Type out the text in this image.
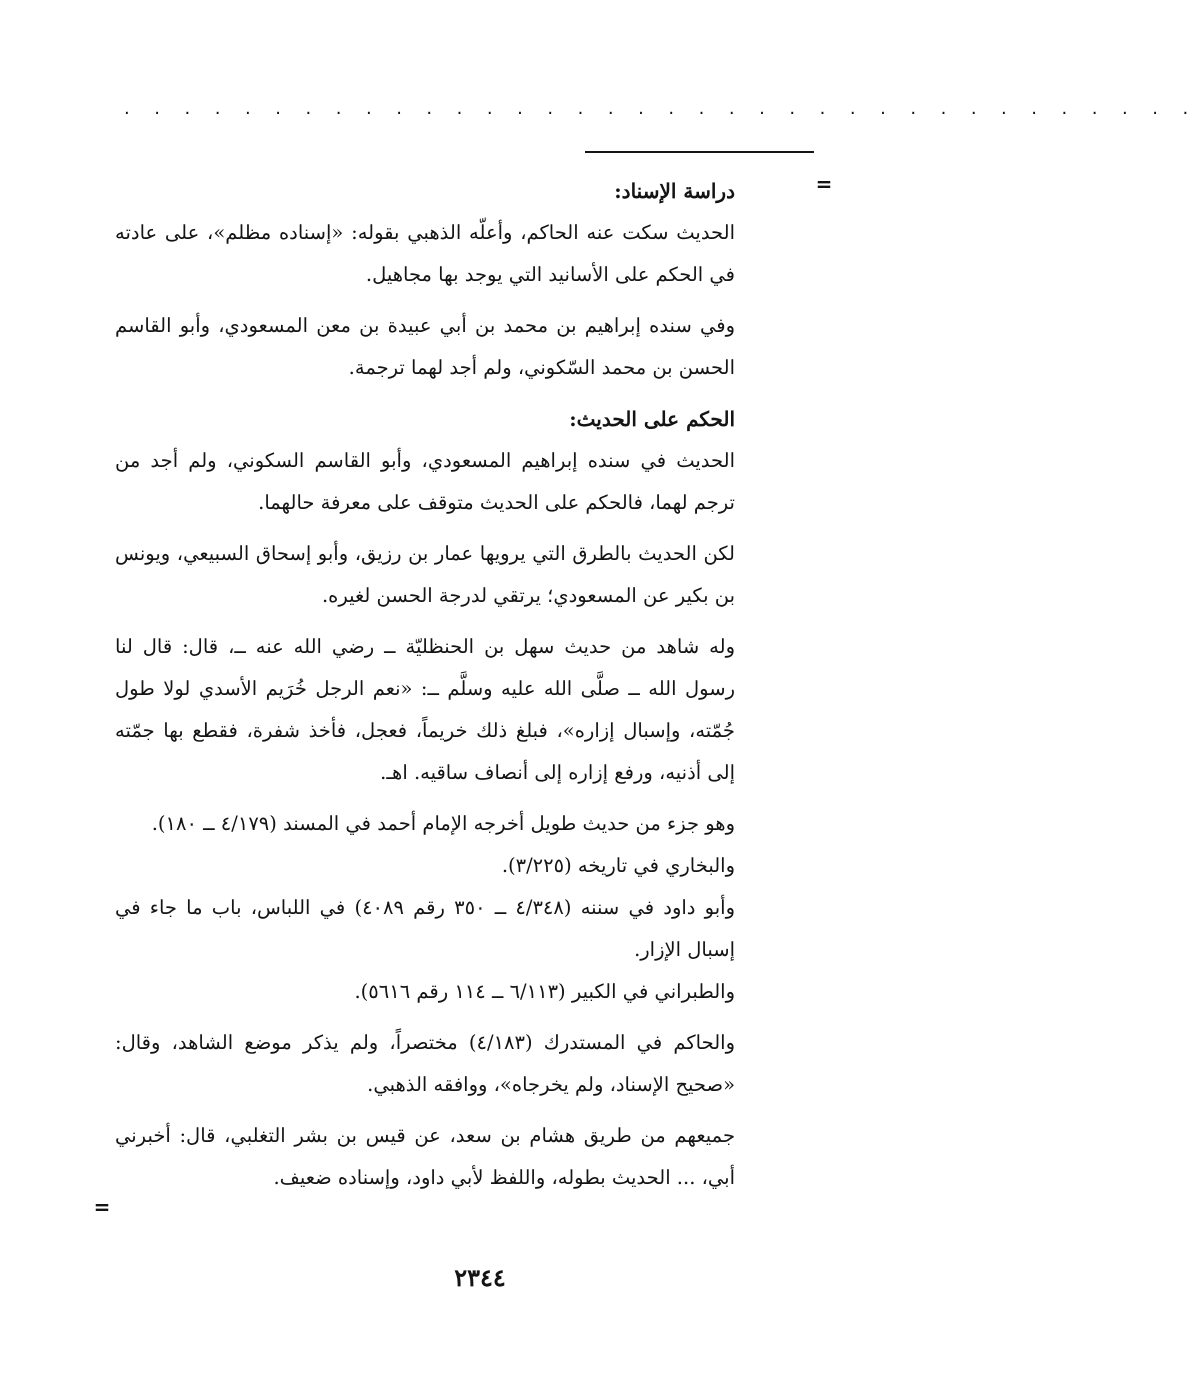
· · · · · · · · · · · · · · · · · · · · · · · · · · · · · · · · · · · ·
=
دراسة الإسناد:

الحديث سكت عنه الحاكم، وأعلّه الذهبي بقوله: «إسناده مظلم»، على عادته في الحكم على الأسانيد التي يوجد بها مجاهيل.

وفي سنده إبراهيم بن محمد بن أبي عبيدة بن معن المسعودي، وأبو القاسم الحسن بن محمد السّكوني، ولم أجد لهما ترجمة.

الحكم على الحديث:

الحديث في سنده إبراهيم المسعودي، وأبو القاسم السكوني، ولم أجد من ترجم لهما، فالحكم على الحديث متوقف على معرفة حالهما.

لكن الحديث بالطرق التي يرويها عمار بن رزيق، وأبو إسحاق السبيعي، ويونس بن بكير عن المسعودي؛ يرتقي لدرجة الحسن لغيره.

وله شاهد من حديث سهل بن الحنظليّة ــ رضي الله عنه ــ، قال: قال لنا رسول الله ــ صلَّى الله عليه وسلَّم ــ: «نعم الرجل خُرَيم الأسدي لولا طول جُمّته، وإسبال إزاره»، فبلغ ذلك خريماً، فعجل، فأخذ شفرة، فقطع بها جمّته إلى أذنيه، ورفع إزاره إلى أنصاف ساقيه. اهـ.

وهو جزء من حديث طويل أخرجه الإمام أحمد في المسند (٤/١٧٩ ــ ١٨٠).

والبخاري في تاريخه (٣/٢٢٥).

وأبو داود في سننه (٤/٣٤٨ ــ ٣٥٠ رقم ٤٠٨٩) في اللباس، باب ما جاء في إسبال الإزار.

والطبراني في الكبير (٦/١١٣ ــ ١١٤ رقم ٥٦١٦).

والحاكم في المستدرك (٤/١٨٣) مختصراً، ولم يذكر موضع الشاهد، وقال: «صحيح الإسناد، ولم يخرجاه»، ووافقه الذهبي.

جميعهم من طريق هشام بن سعد، عن قيس بن بشر التغلبي، قال: أخبرني أبي، ... الحديث بطوله، واللفظ لأبي داود، وإسناده ضعيف.

=
٢٣٤٤
